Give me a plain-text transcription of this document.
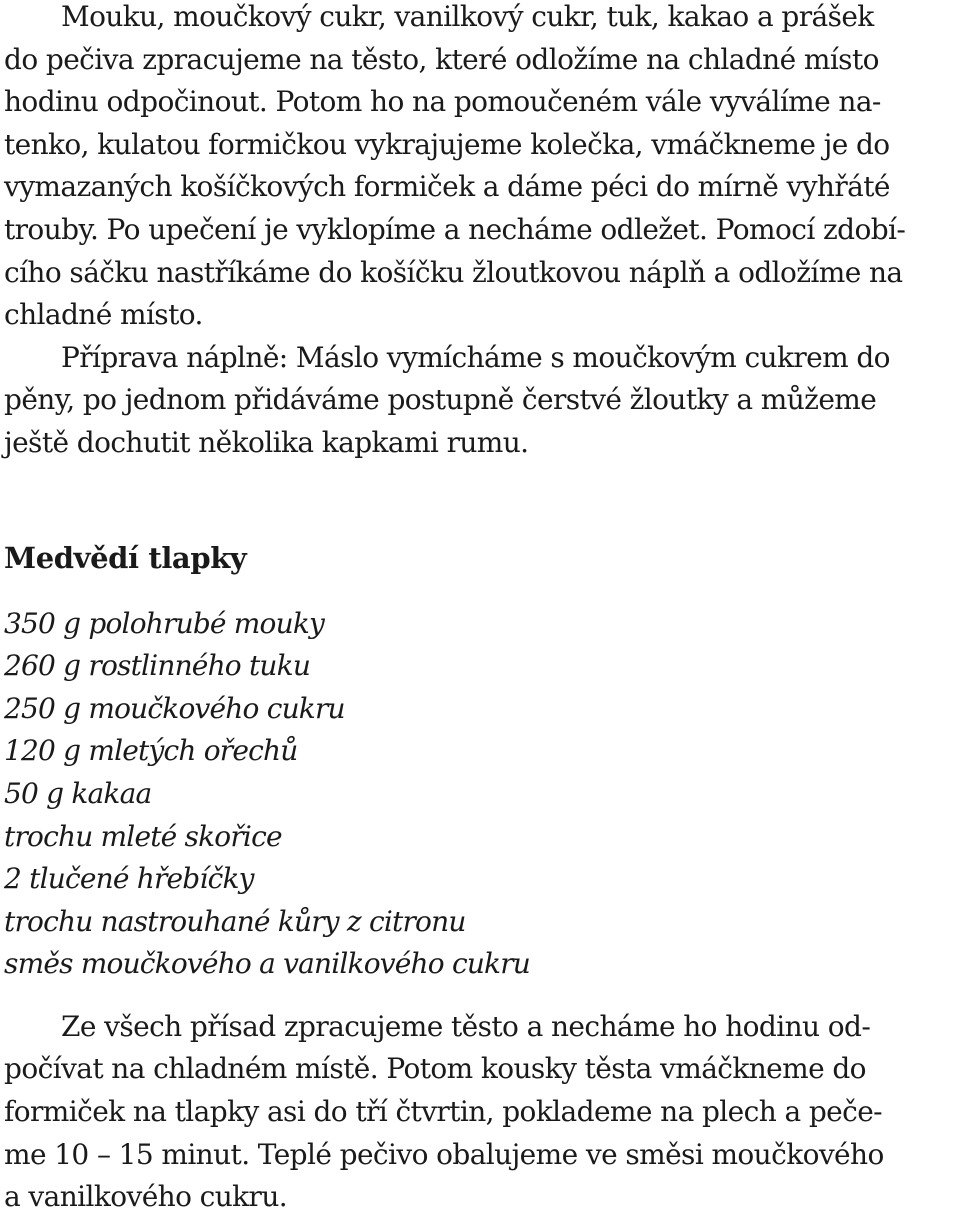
Mouku, moučkový cukr, vanilkový cukr, tuk, kakao a prášek
do pečiva zpracujeme na těsto, které odložíme na chladné místo
hodinu odpočinout. Potom ho na pomoučeném vále vyválíme na-
tenko, kulatou formičkou vykrajujeme kolečka, vmáčkneme je do
vymazaných košíčkových formiček a dáme péci do mírně vyhřáté
trouby. Po upečení je vyklopíme a necháme odležet. Pomocí zdobí-
cího sáčku nastříkáme do košíčku žloutkovou náplň a odložíme na
chladné místo.
Příprava náplně: Máslo vymícháme s moučkovým cukrem do
pěny, po jednom přidáváme postupně čerstvé žloutky a můžeme
ještě dochutit několika kapkami rumu.
Medvědí tlapky
350 g polohrubé mouky
260 g rostlinného tuku
250 g moučkového cukru
120 g mletých ořechů
50 g kakaa
trochu mleté skořice
2 tlučené hřebíčky
trochu nastrouhané kůry z citronu
směs moučkového a vanilkového cukru
Ze všech přísad zpracujeme těsto a necháme ho hodinu od-
počívat na chladném místě. Potom kousky těsta vmáčkneme do
formiček na tlapky asi do tří čtvrtin, poklademe na plech a peče-
me 10 – 15 minut. Teplé pečivo obalujeme ve směsi moučkového
a vanilkového cukru.
